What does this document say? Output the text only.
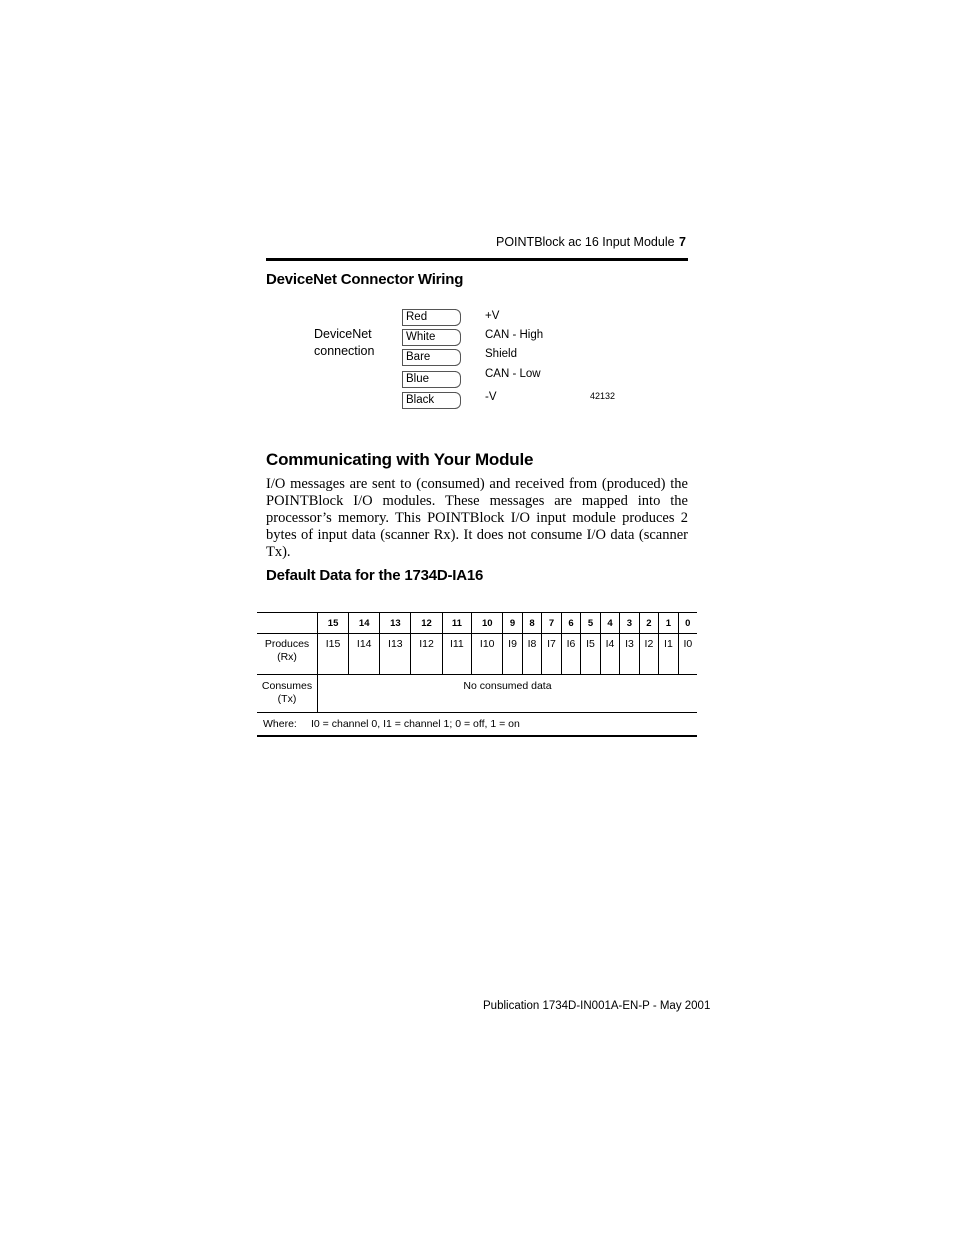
POINTBlock ac 16 Input Module 7
DeviceNet Connector Wiring
DeviceNet
connection
Red	+V
White	CAN - High
Bare	Shield
Blue	CAN - Low
Black	-V	42132
Communicating with Your Module
I/O messages are sent to (consumed) and received from (produced) the POINTBlock I/O modules. These messages are mapped into the processor’s memory. This POINTBlock I/O input module produces 2 bytes of input data (scanner Rx). It does not consume I/O data (scanner Tx).
Default Data for the 1734D-IA16
	15	14	13	12	11	10	9	8	7	6	5	4	3	2	1	0

Produces
(Rx)	I15	I14	I13	I12	I11	I10	I9	I8	I7	I6	I5	I4	I3	I2	I1	I0

Consumes
(Tx)	No consumed data															
Where: I0 = channel 0, I1 = channel 1; 0 = off, 1 = on																
Publication 1734D-IN001A-EN-P - May 2001
